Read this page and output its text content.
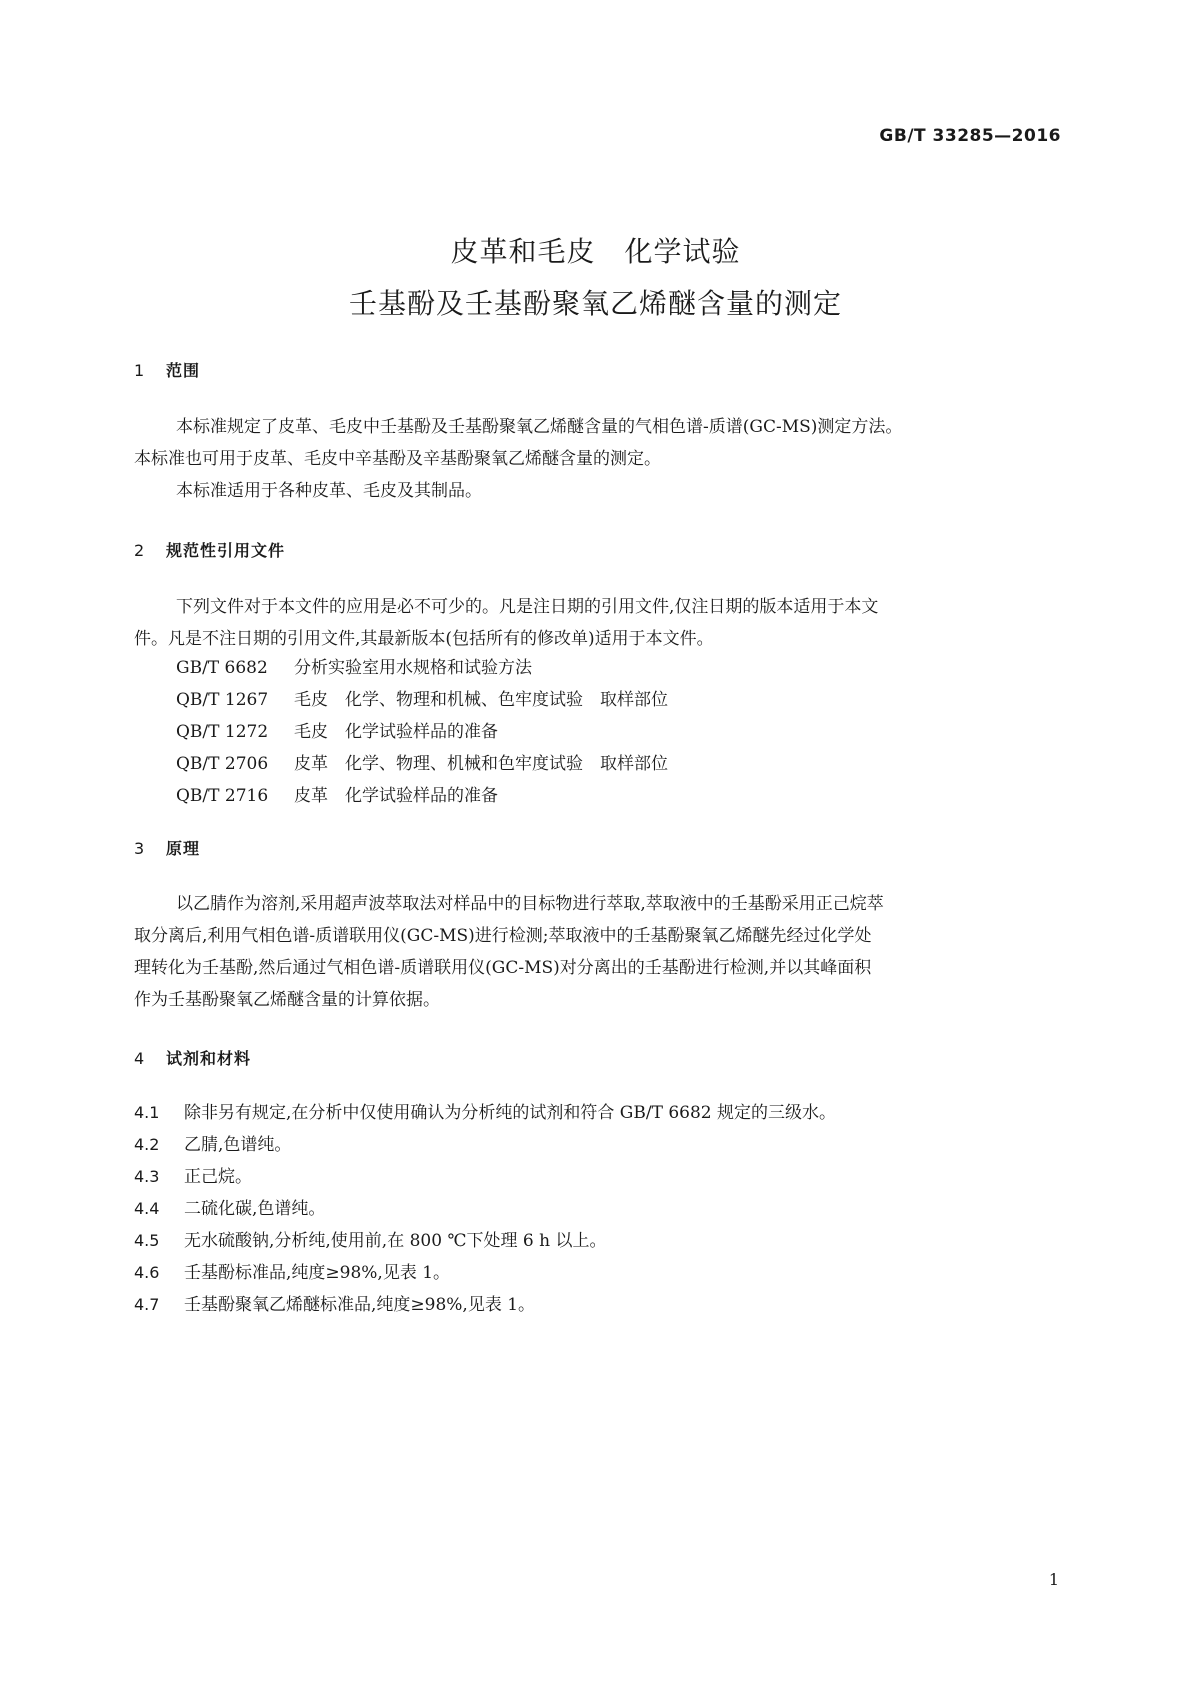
GB/T 33285—2016
皮革和毛皮　化学试验
壬基酚及壬基酚聚氧乙烯醚含量的测定
1 范围
本标准规定了皮革、毛皮中壬基酚及壬基酚聚氧乙烯醚含量的气相色谱-质谱(GC-MS)测定方法。
本标准也可用于皮革、毛皮中辛基酚及辛基酚聚氧乙烯醚含量的测定。
本标准适用于各种皮革、毛皮及其制品。
2 规范性引用文件
下列文件对于本文件的应用是必不可少的。凡是注日期的引用文件,仅注日期的版本适用于本文
件。凡是不注日期的引用文件,其最新版本(包括所有的修改单)适用于本文件。
GB/T 6682 分析实验室用水规格和试验方法
QB/T 1267 毛皮　化学、物理和机械、色牢度试验　取样部位
QB/T 1272 毛皮　化学试验样品的准备
QB/T 2706 皮革　化学、物理、机械和色牢度试验　取样部位
QB/T 2716 皮革　化学试验样品的准备
3 原理
以乙腈作为溶剂,采用超声波萃取法对样品中的目标物进行萃取,萃取液中的壬基酚采用正己烷萃
取分离后,利用气相色谱-质谱联用仪(GC-MS)进行检测;萃取液中的壬基酚聚氧乙烯醚先经过化学处
理转化为壬基酚,然后通过气相色谱-质谱联用仪(GC-MS)对分离出的壬基酚进行检测,并以其峰面积
作为壬基酚聚氧乙烯醚含量的计算依据。
4 试剂和材料
4.1 除非另有规定,在分析中仅使用确认为分析纯的试剂和符合 GB/T 6682 规定的三级水。
4.2 乙腈,色谱纯。
4.3 正己烷。
4.4 二硫化碳,色谱纯。
4.5 无水硫酸钠,分析纯,使用前,在 800 ℃下处理 6 h 以上。
4.6 壬基酚标准品,纯度≥98%,见表 1。
4.7 壬基酚聚氧乙烯醚标准品,纯度≥98%,见表 1。
1
